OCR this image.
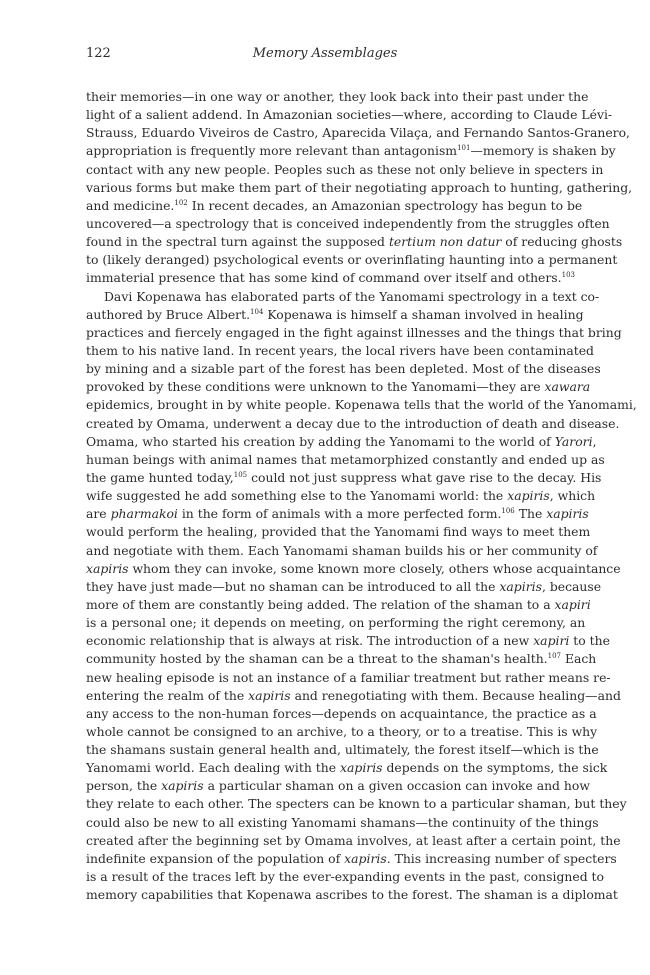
122	Memory Assemblages
their memories—in one way or another, they look back into their past under the
light of a salient addend. In Amazonian societies—where, according to Claude Lévi-
Strauss, Eduardo Viveiros de Castro, Aparecida Vilaça, and Fernando Santos-Granero,
appropriation is frequently more relevant than antagonism$^{101}$—memory is shaken by
contact with any new people. Peoples such as these not only believe in specters in
various forms but make them part of their negotiating approach to hunting, gathering,
and medicine.$^{102}$ In recent decades, an Amazonian spectrology has begun to be
uncovered—a spectrology that is conceived independently from the struggles often
found in the spectral turn against the supposed tertium non datur of reducing ghosts
to (likely deranged) psychological events or overinflating haunting into a permanent
immaterial presence that has some kind of command over itself and others.$^{103}$
Davi Kopenawa has elaborated parts of the Yanomami spectrology in a text co-
authored by Bruce Albert.$^{104}$ Kopenawa is himself a shaman involved in healing
practices and fiercely engaged in the fight against illnesses and the things that bring
them to his native land. In recent years, the local rivers have been contaminated
by mining and a sizable part of the forest has been depleted. Most of the diseases
provoked by these conditions were unknown to the Yanomami—they are xawara
epidemics, brought in by white people. Kopenawa tells that the world of the Yanomami,
created by Omama, underwent a decay due to the introduction of death and disease.
Omama, who started his creation by adding the Yanomami to the world of Yarori,
human beings with animal names that metamorphized constantly and ended up as
the game hunted today,$^{105}$ could not just suppress what gave rise to the decay. His
wife suggested he add something else to the Yanomami world: the xapiris, which
are pharmakoi in the form of animals with a more perfected form.$^{106}$ The xapiris
would perform the healing, provided that the Yanomami find ways to meet them
and negotiate with them. Each Yanomami shaman builds his or her community of
xapiris whom they can invoke, some known more closely, others whose acquaintance
they have just made—but no shaman can be introduced to all the xapiris, because
more of them are constantly being added. The relation of the shaman to a xapiri
is a personal one; it depends on meeting, on performing the right ceremony, an
economic relationship that is always at risk. The introduction of a new xapiri to the
community hosted by the shaman can be a threat to the shaman's health.$^{107}$ Each
new healing episode is not an instance of a familiar treatment but rather means re-
entering the realm of the xapiris and renegotiating with them. Because healing—and
any access to the non-human forces—depends on acquaintance, the practice as a
whole cannot be consigned to an archive, to a theory, or to a treatise. This is why
the shamans sustain general health and, ultimately, the forest itself—which is the
Yanomami world. Each dealing with the xapiris depends on the symptoms, the sick
person, the xapiris a particular shaman on a given occasion can invoke and how
they relate to each other. The specters can be known to a particular shaman, but they
could also be new to all existing Yanomami shamans—the continuity of the things
created after the beginning set by Omama involves, at least after a certain point, the
indefinite expansion of the population of xapiris. This increasing number of specters
is a result of the traces left by the ever-expanding events in the past, consigned to
memory capabilities that Kopenawa ascribes to the forest. The shaman is a diplomat
